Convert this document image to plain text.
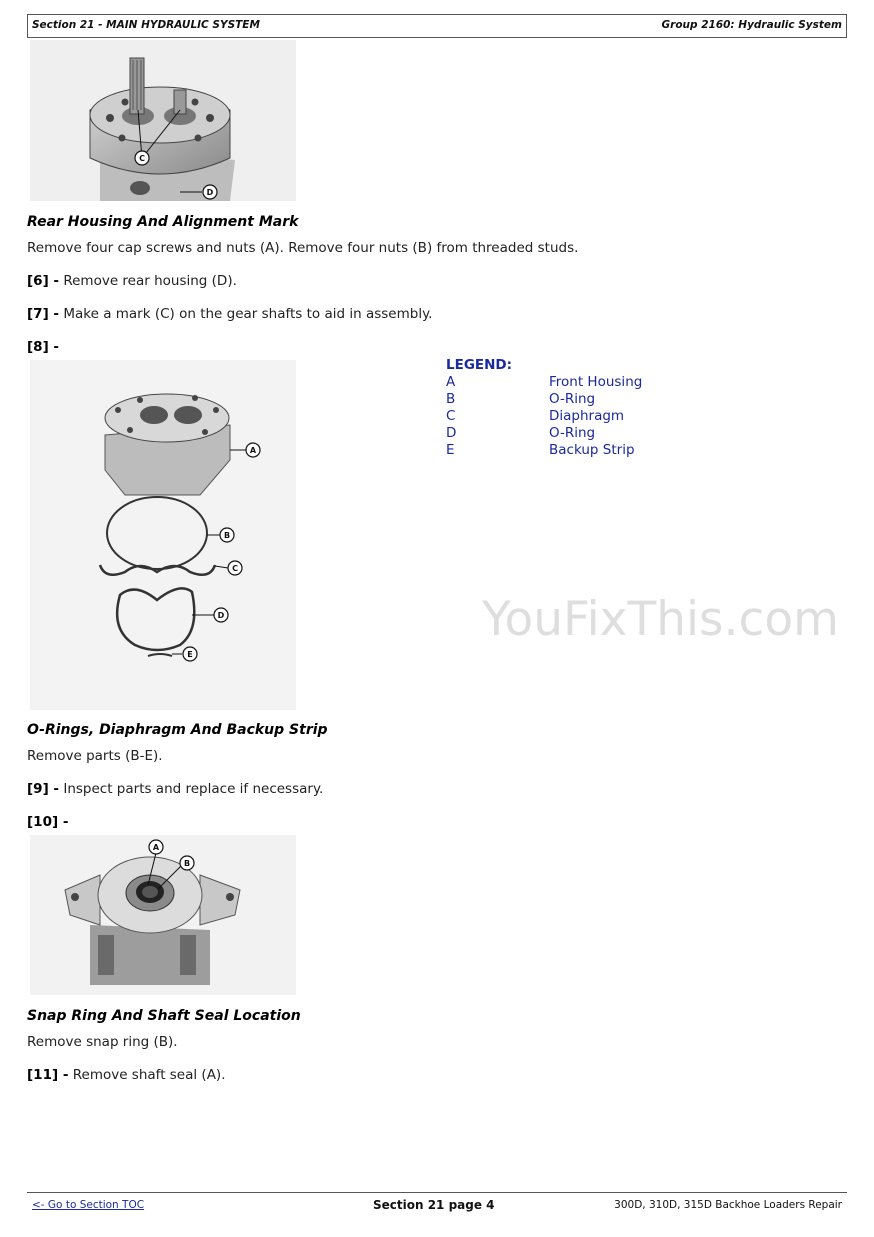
Section 21 - MAIN HYDRAULIC SYSTEM	Group 2160: Hydraulic System
C
D
Rear Housing And Alignment Mark
Remove four cap screws and nuts (A). Remove four nuts (B) from threaded studs.
[6] - Remove rear housing (D).
[7] - Make a mark (C) on the gear shafts to aid in assembly.
[8] -
A
B
C
D
E
LEGEND:
A	Front Housing
B	O-Ring
C	Diaphragm
D	O-Ring
E	Backup Strip
YouFixThis.com
O-Rings, Diaphragm And Backup Strip
Remove parts (B-E).
[9] - Inspect parts and replace if necessary.
[10] -
A
B
Snap Ring And Shaft Seal Location
Remove snap ring (B).
[11] - Remove shaft seal (A).
<- Go to Section TOC	Section 21 page 4	300D, 310D, 315D Backhoe Loaders Repair
